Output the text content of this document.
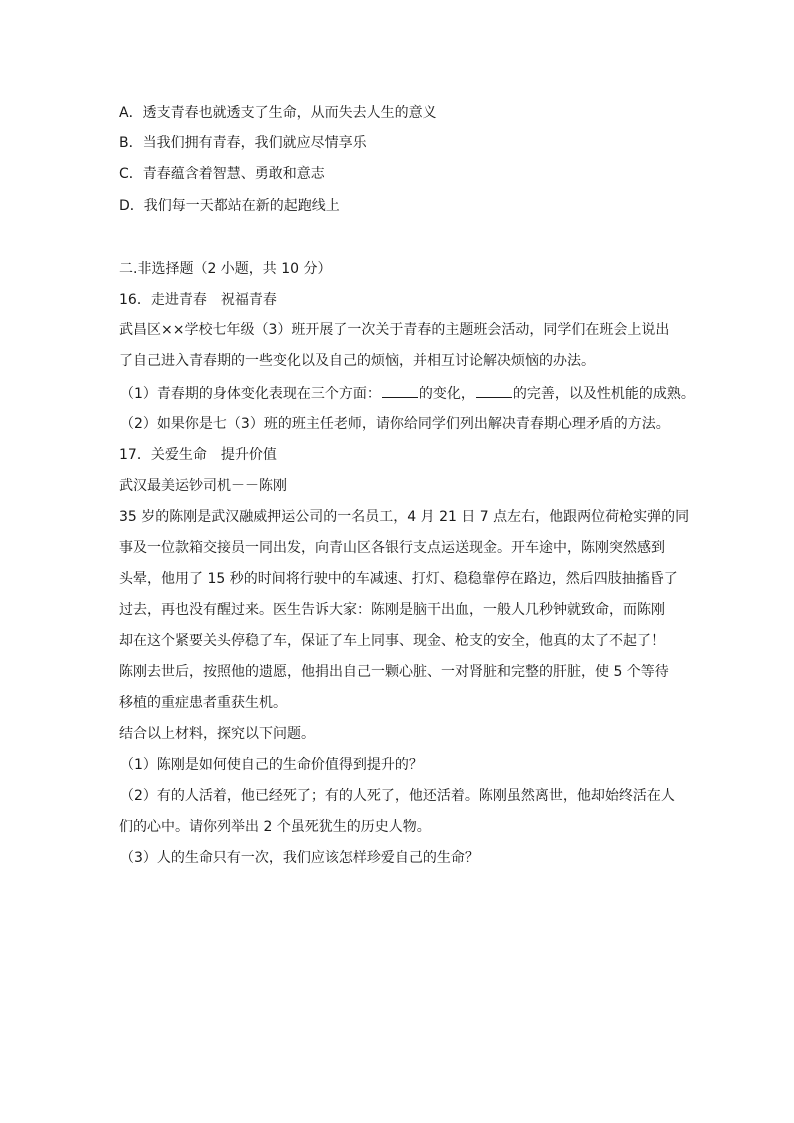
A．透支青春也就透支了生命，从而失去人生的意义
B．当我们拥有青春，我们就应尽情享乐
C．青春蕴含着智慧、勇敢和意志
D．我们每一天都站在新的起跑线上
二.非选择题（2 小题，共 10 分）
16．走进青春　祝福青春
武昌区××学校七年级（3）班开展了一次关于青春的主题班会活动，同学们在班会上说出
了自己进入青春期的一些变化以及自己的烦恼，并相互讨论解决烦恼的办法。
（1）青春期的身体变化表现在三个方面：	的变化，	的完善，以及性机能的成熟。
（2）如果你是七（3）班的班主任老师，请你给同学们列出解决青春期心理矛盾的方法。
17．关爱生命　提升价值
武汉最美运钞司机－－陈刚
35 岁的陈刚是武汉融威押运公司的一名员工，4 月 21 日 7 点左右，他跟两位荷枪实弹的同
事及一位款箱交接员一同出发，向青山区各银行支点运送现金。开车途中，陈刚突然感到
头晕，他用了 15 秒的时间将行驶中的车减速、打灯、稳稳靠停在路边，然后四肢抽搐昏了
过去，再也没有醒过来。医生告诉大家：陈刚是脑干出血，一般人几秒钟就致命，而陈刚
却在这个紧要关头停稳了车，保证了车上同事、现金、枪支的安全，他真的太了不起了！
陈刚去世后，按照他的遗愿，他捐出自己一颗心脏、一对肾脏和完整的肝脏，使 5 个等待
移植的重症患者重获生机。
结合以上材料，探究以下问题。
（1）陈刚是如何使自己的生命价值得到提升的？
（2）有的人活着，他已经死了；有的人死了，他还活着。陈刚虽然离世，他却始终活在人
们的心中。请你列举出 2 个虽死犹生的历史人物。
（3）人的生命只有一次，我们应该怎样珍爱自己的生命？
